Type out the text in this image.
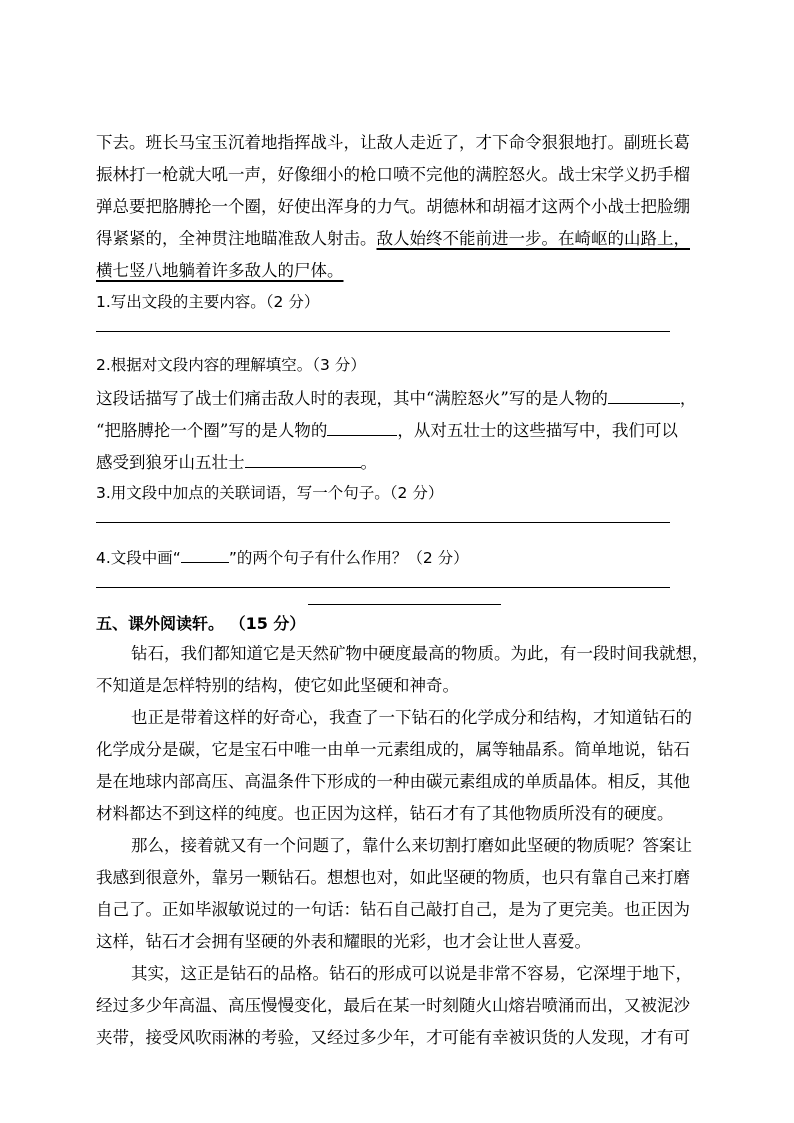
下去。班长马宝玉沉着地指挥战斗，让敌人走近了，才下命令狠狠地打。副班长葛
振林打一枪就大吼一声，好像细小的枪口喷不完他的满腔怒火。战士宋学义扔手榴
弹总要把胳膊抡一个圈，好使出浑身的力气。胡德林和胡福才这两个小战士把脸绷
得紧紧的，全神贯注地瞄准敌人射击。敌人始终不能前进一步。在崎岖的山路上，
横七竖八地躺着许多敌人的尸体。
1.写出文段的主要内容。（2 分）
2.根据对文段内容的理解填空。（3 分）
这段话描写了战士们痛击敌人时的表现，其中“满腔怒火”写的是人物的	，
“把胳膊抡一个圈”写的是人物的	，从对五壮士的这些描写中，我们可以
感受到狼牙山五壮士	。
3.用文段中加点的关联词语，写一个句子。（2 分）
4.文段中画“	”的两个句子有什么作用？（2 分）
五、课外阅读轩。 （15 分）
钻石，我们都知道它是天然矿物中硬度最高的物质。为此，有一段时间我就想，
不知道是怎样特别的结构，使它如此坚硬和神奇。
也正是带着这样的好奇心，我查了一下钻石的化学成分和结构，才知道钻石的
化学成分是碳，它是宝石中唯一由单一元素组成的，属等轴晶系。简单地说，钻石
是在地球内部高压、高温条件下形成的一种由碳元素组成的单质晶体。相反，其他
材料都达不到这样的纯度。也正因为这样，钻石才有了其他物质所没有的硬度。
那么，接着就又有一个问题了，靠什么来切割打磨如此坚硬的物质呢？答案让
我感到很意外，靠另一颗钻石。想想也对，如此坚硬的物质，也只有靠自己来打磨
自己了。正如毕淑敏说过的一句话：钻石自己敲打自己，是为了更完美。也正因为
这样，钻石才会拥有坚硬的外表和耀眼的光彩，也才会让世人喜爱。
其实，这正是钻石的品格。钻石的形成可以说是非常不容易，它深埋于地下，
经过多少年高温、高压慢慢变化，最后在某一时刻随火山熔岩喷涌而出，又被泥沙
夹带，接受风吹雨淋的考验，又经过多少年，才可能有幸被识货的人发现，才有可
